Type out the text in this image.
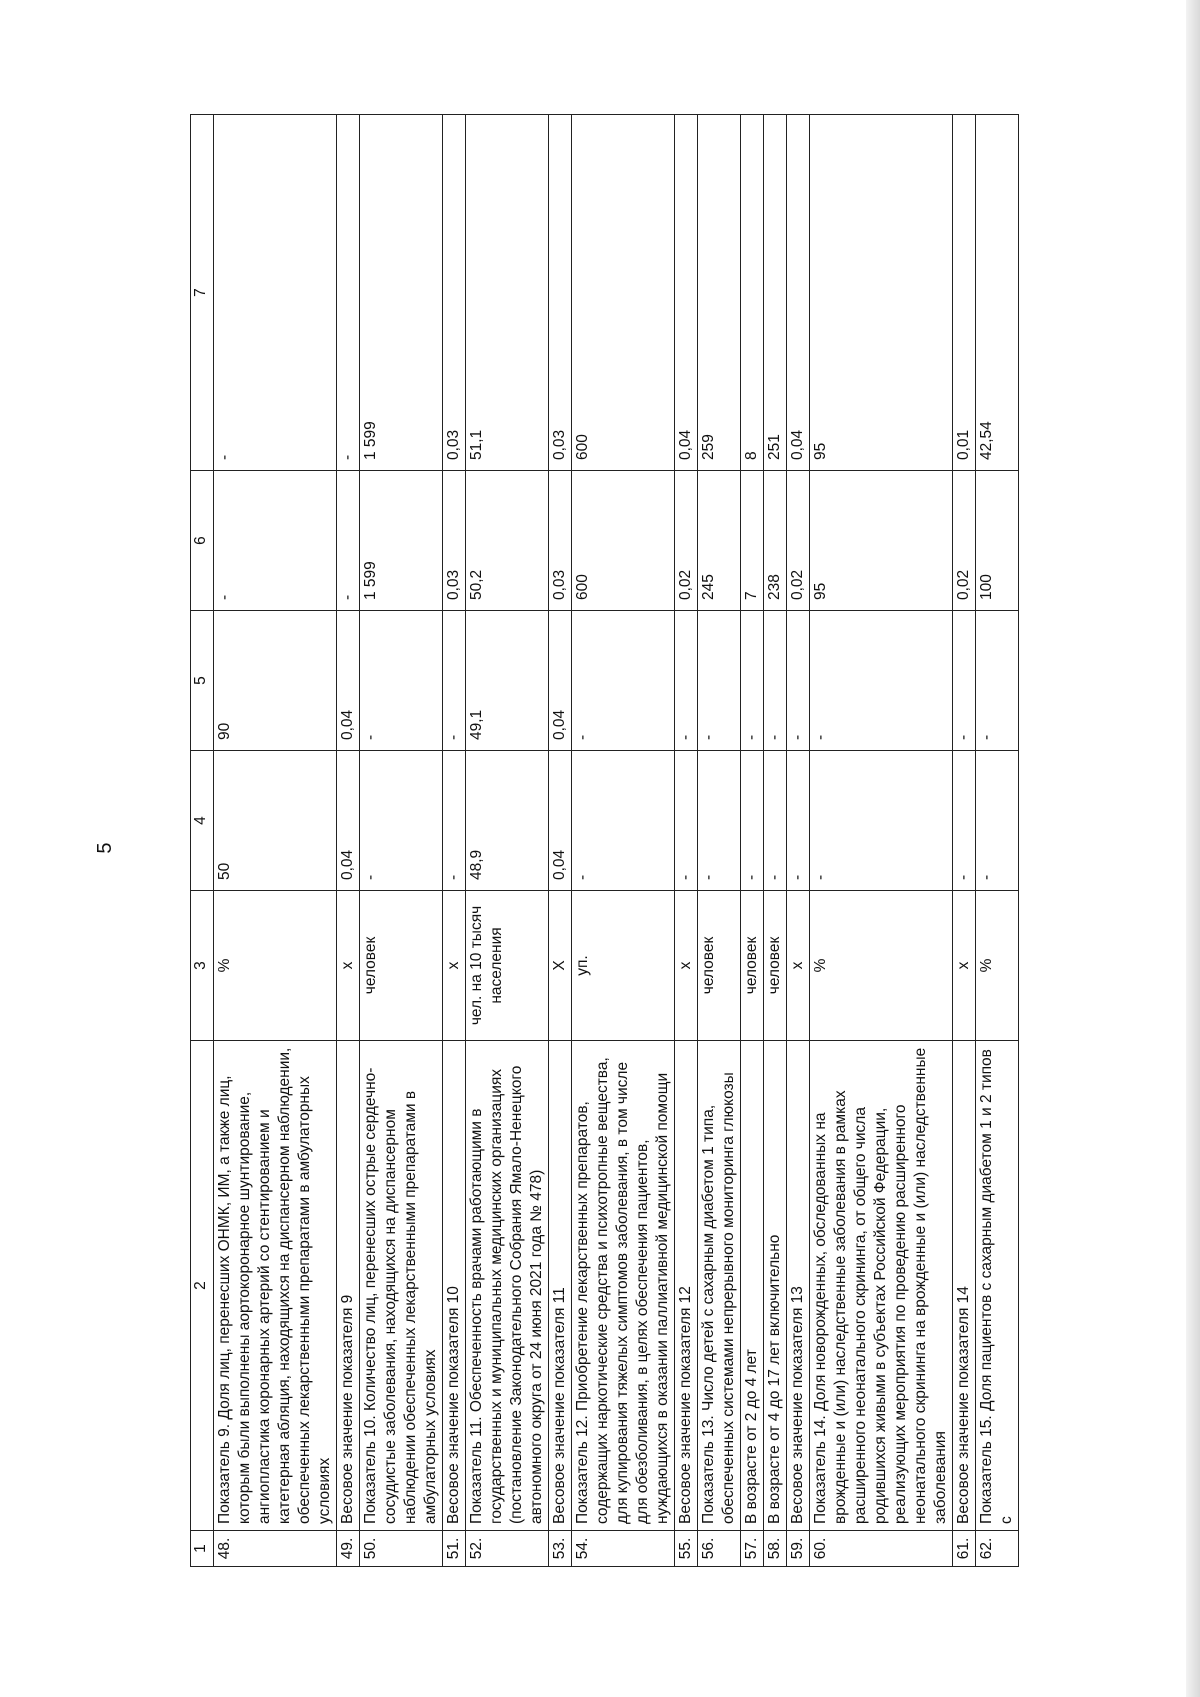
5
1	2	3	4	5	6	7
48.	Показатель 9. Доля лиц, перенесших ОНМК, ИМ, а также лиц, которым были выполнены аортокоронарное шунтирование, ангиопластика коронарных артерий со стентированием и катетерная абляция, находящихся на диспансерном наблюдении, обеспеченных лекарственными препаратами в амбулаторных условиях	%	50	90	-	-
49.	Весовое значение показателя 9	х	0,04	0,04	-	-
50.	Показатель 10. Количество лиц, перенесших острые сердечно-сосудистые заболевания, находящихся на диспансерном наблюдении обеспеченных лекарственными препаратами в амбулаторных условиях	человек	-	-	1 599	1 599
51.	Весовое значение показателя 10	х	-	-	0,03	0,03
52.	Показатель 11. Обеспеченность врачами работающими в государственных и муниципальных медицинских организациях (постановление Законодательного Собрания Ямало-Ненецкого автономного округа от 24 июня 2021 года № 478)	чел. на 10 тысяч населения	48,9	49,1	50,2	51,1
53.	Весовое значение показателя 11	Х	0,04	0,04	0,03	0,03
54.	Показатель 12. Приобретение лекарственных препаратов, содержащих наркотические средства и психотропные вещества, для купирования тяжелых симптомов заболевания, в том числе для обезболивания, в целях обеспечения пациентов, нуждающихся в оказании паллиативной медицинской помощи	уп.	-	-	600	600
55.	Весовое значение показателя 12	х	-	-	0,02	0,04
56.	Показатель 13. Число детей с сахарным диабетом 1 типа, обеспеченных системами непрерывного мониторинга глюкозы	человек	-	-	245	259
57.	В возрасте от 2 до 4 лет	человек	-	-	7	8
58.	В возрасте от 4 до 17 лет включительно	человек	-	-	238	251
59.	Весовое значение показателя 13	х	-	-	0,02	0,04
60.	Показатель 14. Доля новорожденных, обследованных на врожденные и (или) наследственные заболевания в рамках расширенного неонатального скрининга, от общего числа родившихся живыми в субъектах Российской Федерации, реализующих мероприятия по проведению расширенного неонатального скрининга на врожденные и (или) наследственные заболевания	%	-	-	95	95
61.	Весовое значение показателя 14	х	-	-	0,02	0,01
62.	Показатель 15. Доля пациентов с сахарным диабетом 1 и 2 типов с	%	-	-	100	42,54
